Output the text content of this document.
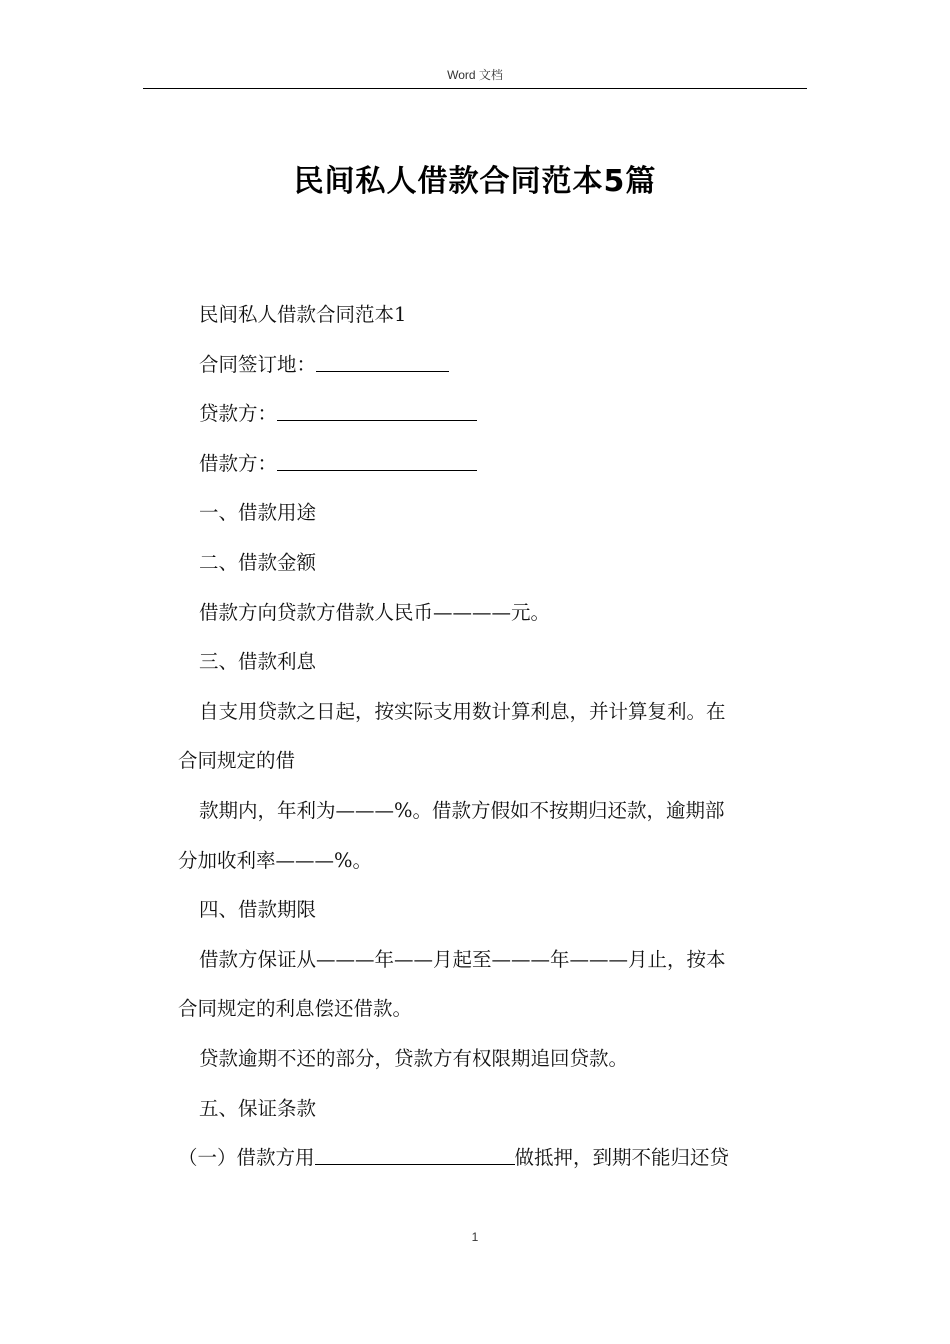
Word 文档
民间私人借款合同范本5篇

民间私人借款合同范本1

合同签订地：

贷款方：

借款方：

一、借款用途

二、借款金额

借款方向贷款方借款人民币————元。

三、借款利息

自支用贷款之日起，按实际支用数计算利息，并计算复利。在

合同规定的借

款期内，年利为———%。借款方假如不按期归还款，逾期部

分加收利率———%。

四、借款期限

借款方保证从———年——月起至———年———月止，按本

合同规定的利息偿还借款。

贷款逾期不还的部分，贷款方有权限期追回贷款。

五、保证条款

（一）借款方用	做抵押，到期不能归还贷

1
